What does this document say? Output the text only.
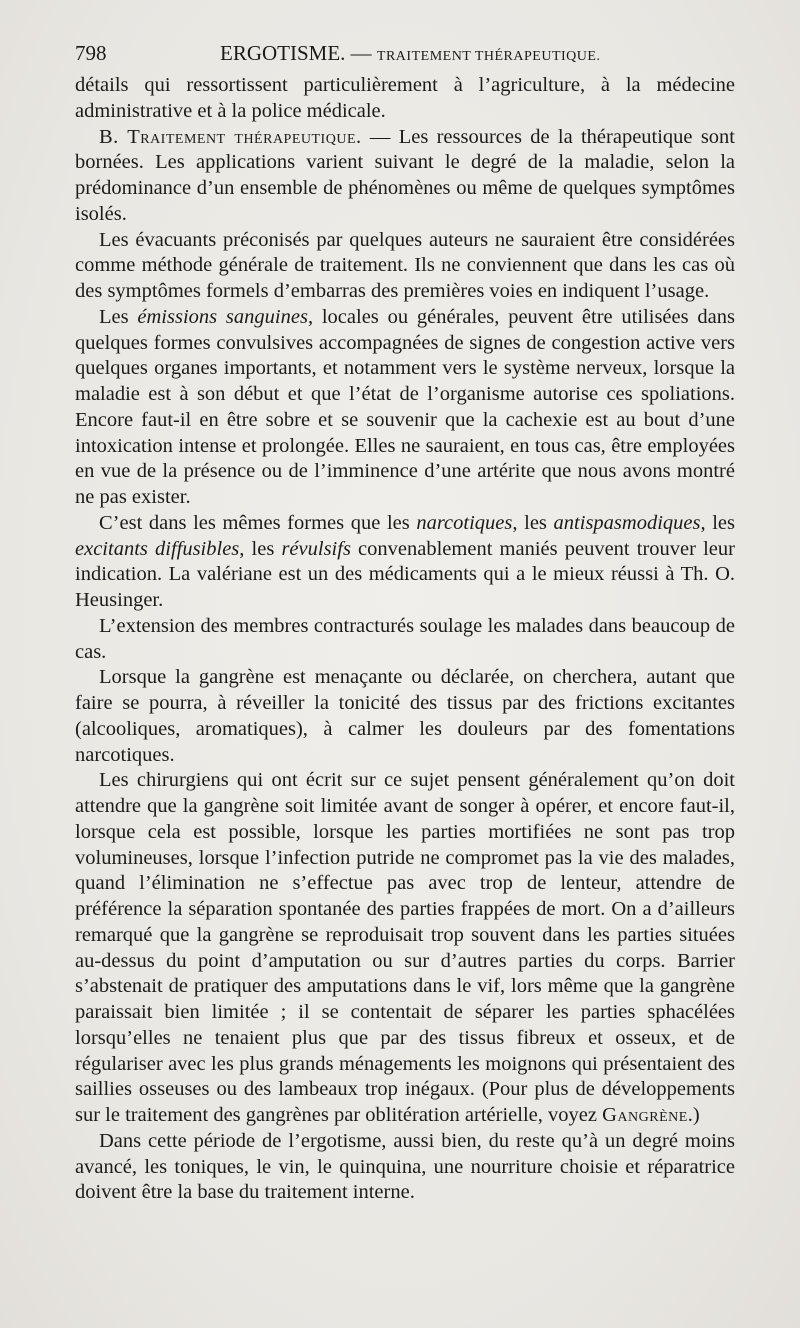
798	ERGOTISME. — TRAITEMENT THÉRAPEUTIQUE.

détails qui ressortissent particulièrement à l’agriculture, à la médecine administrative et à la police médicale.

B. Traitement thérapeutique. — Les ressources de la thérapeutique sont bornées. Les applications varient suivant le degré de la maladie, selon la prédominance d’un ensemble de phénomènes ou même de quelques symptômes isolés.

Les évacuants préconisés par quelques auteurs ne sauraient être considérées comme méthode générale de traitement. Ils ne conviennent que dans les cas où des symptômes formels d’embarras des premières voies en indiquent l’usage.

Les émissions sanguines, locales ou générales, peuvent être utilisées dans quelques formes convulsives accompagnées de signes de congestion active vers quelques organes importants, et notamment vers le système nerveux, lorsque la maladie est à son début et que l’état de l’organisme autorise ces spoliations. Encore faut-il en être sobre et se souvenir que la cachexie est au bout d’une intoxication intense et prolongée. Elles ne sauraient, en tous cas, être employées en vue de la présence ou de l’imminence d’une artérite que nous avons montré ne pas exister.

C’est dans les mêmes formes que les narcotiques, les antispasmodiques, les excitants diffusibles, les révulsifs convenablement maniés peuvent trouver leur indication. La valériane est un des médicaments qui a le mieux réussi à Th. O. Heusinger.

L’extension des membres contracturés soulage les malades dans beaucoup de cas.

Lorsque la gangrène est menaçante ou déclarée, on cherchera, autant que faire se pourra, à réveiller la tonicité des tissus par des frictions excitantes (alcooliques, aromatiques), à calmer les douleurs par des fomentations narcotiques.

Les chirurgiens qui ont écrit sur ce sujet pensent généralement qu’on doit attendre que la gangrène soit limitée avant de songer à opérer, et encore faut-il, lorsque cela est possible, lorsque les parties mortifiées ne sont pas trop volumineuses, lorsque l’infection putride ne compromet pas la vie des malades, quand l’élimination ne s’effectue pas avec trop de lenteur, attendre de préférence la séparation spontanée des parties frappées de mort. On a d’ailleurs remarqué que la gangrène se reproduisait trop souvent dans les parties situées au-dessus du point d’amputation ou sur d’autres parties du corps. Barrier s’abstenait de pratiquer des amputations dans le vif, lors même que la gangrène paraissait bien limitée ; il se contentait de séparer les parties sphacélées lorsqu’elles ne tenaient plus que par des tissus fibreux et osseux, et de régulariser avec les plus grands ménagements les moignons qui présentaient des saillies osseuses ou des lambeaux trop inégaux. (Pour plus de développements sur le traitement des gangrènes par oblitération artérielle, voyez Gangrène.)

Dans cette période de l’ergotisme, aussi bien, du reste qu’à un degré moins avancé, les toniques, le vin, le quinquina, une nourriture choisie et réparatrice doivent être la base du traitement interne.
